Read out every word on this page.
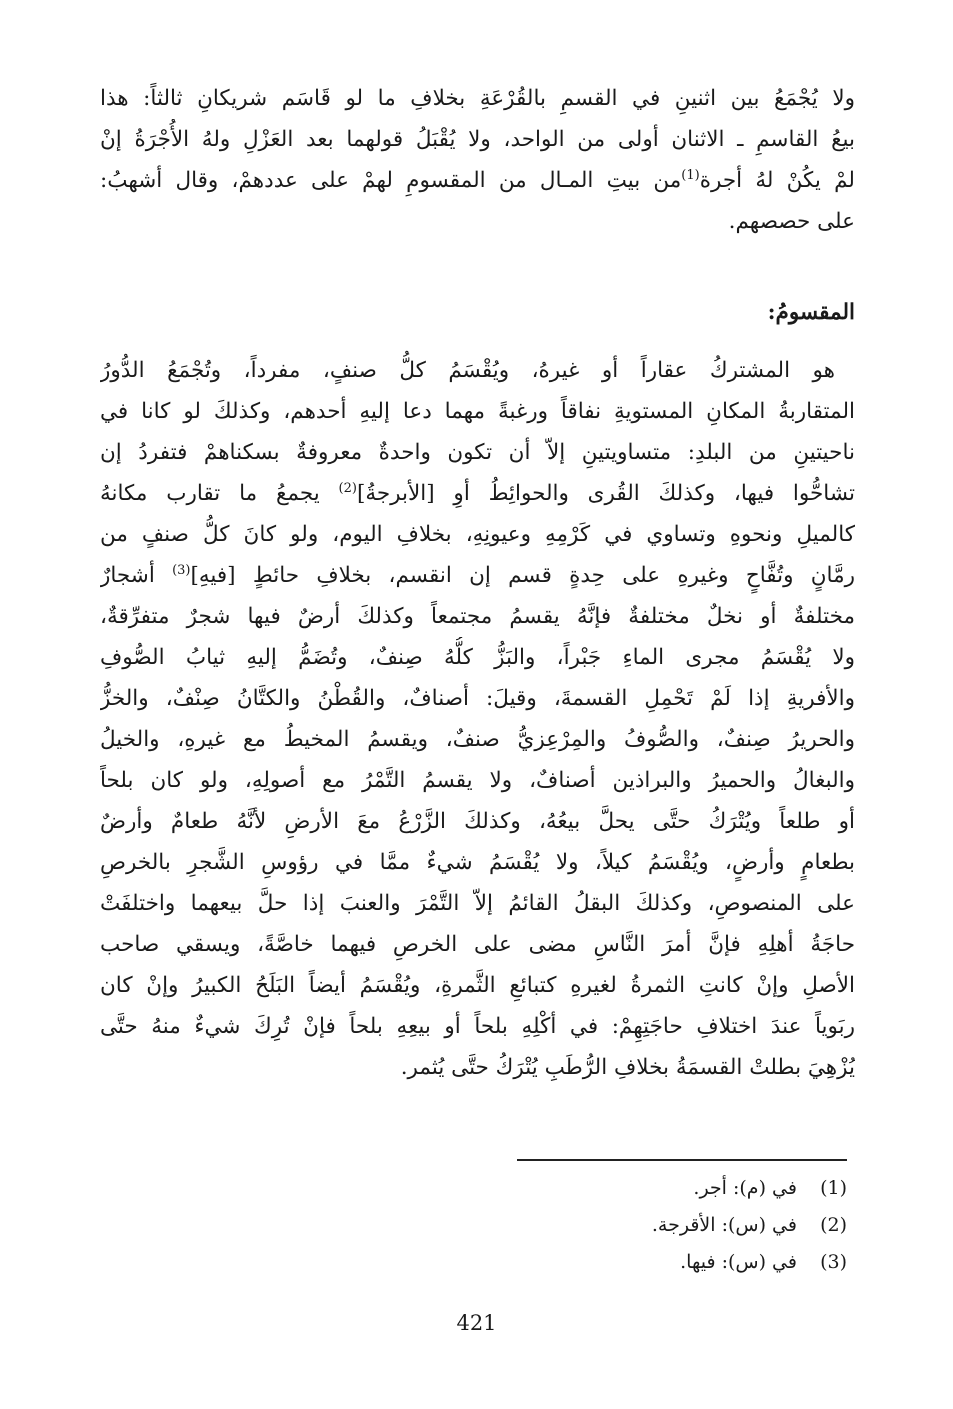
ولا يُجْمَعُ بين اثنينِ في القسمِ بالقُرْعَةِ بخلافِ ما لو قَاسَم شريكانِ ثالثاً: هذا
بيعُ القاسمِ ـ الاثنان أولى من الواحد، ولا يُقْبَلُ قولهما بعد العَزْلِ ولهُ الأُجْرَةُ إنْ
لمْ يكُنْ لهُ أجرة$^{(1)}$من بيتِ المـال من المقسومِ لهمْ على عددهمْ، وقال أشهبُ:
على حصصهم.
المقسومُ:
هو المشتركُ عقاراً أو غيرهُ، ويُقْسَمُ كلُّ صنفٍ، مفرداً، وتُجْمَعُ الدُّورُ
المتقاربةُ المكانِ المستويةِ نفاقاً ورغبةً مهما دعا إليهِ أحدهم، وكذلكَ لو كانا في
ناحيتينِ من البلدِ: متساويتينِ إلاّ أن تكون واحدةٌ معروفةٌ بسكناهمْ فتفردُ إن
تشاحُّوا فيها، وكذلكَ القُرى والحوائِطُ أوِ [الأبرجةُ]$^{(2)}$ يجمعُ ما تقارب مكانهُ
كالميلِ ونحوهِ وتساوي في كَرْمِهِ وعيونِهِ، بخلافِ اليوم، ولو كانَ كلُّ صنفٍ من
رمَّانٍ وتُفَّاحٍ وغيرهِ على حِدةٍ قسم إن انقسم، بخلافِ حائطٍ [فيهِ]$^{(3)}$ أشجارٌ
مختلفةٌ أو نخلٌ مختلفةٌ فإنَّهُ يقسمُ مجتمعاً وكذلكَ أرضٌ فيها شجرٌ متفرِّقةٌ،
ولا يُقْسَمُ مجرى الماءِ جَبْراً، والبَزُّ كلُّهُ صِنفٌ، وتُضَمُّ إليهِ ثيابُ الصُّوفِ
والأفريةِ إذا لَمْ تَحْمِلِ القسمةَ، وقيلَ: أصنافٌ، والقُطْنُ والكتَّانُ صِنْفٌ، والخزُّ
والحريرُ صِنفٌ، والصُّوفُ والمِرْعِزيُّ صنفٌ، ويقسمُ المخيطُ مع غيرهِ، والخيلُ
والبغالُ والحميرُ والبراذين أصنافٌ، ولا يقسمُ التَّمْرُ مع أصولِهِ، ولو كان بلحاً
أو طلعاً ويُتْرَكُ حتَّى يحلَّ بيعُهُ، وكذلكَ الزَّرْعُ معَ الأرضِ لأنَّهُ طعامٌ وأرضٌ
بطعامٍ وأرضٍ، ويُقْسَمُ كيلاً، ولا يُقْسَمُ شيءٌ ممَّا في رؤوسِ الشَّجرِ بالخرصِ
على المنصوصِ، وكذلكَ البقلُ القائمُ إلاّ التَّمْرَ والعنبَ إذا حلَّ بيعهما واختلفَتْ
حاجَةُ أهلِهِ فإنَّ أمرَ النَّاسِ مضى على الخرصِ فيهما خاصَّةً، ويسقي صاحب
الأصلِ وإنْ كانتِ الثمرةُ لغيرهِ كتبائعِ الثَّمرةِ، ويُقْسَمُ أيضاً البَلَحُ الكبيرُ وإنْ كان
ربَوياً عندَ اختلافِ حاجَتِهِمْ: في أكْلِهِ بلحاً أو بيعِهِ بلحاً فإنْ تُرِكَ شيءٌ منهُ حتَّى
يُزْهِيَ بطلتْ القسمَةُ بخلافِ الرُّطَبِ يُتْرَكُ حتَّى يُثمر.
(1) في (م): أجر.
(2) في (س): الأقرجة.
(3) في (س): فيها.
421
